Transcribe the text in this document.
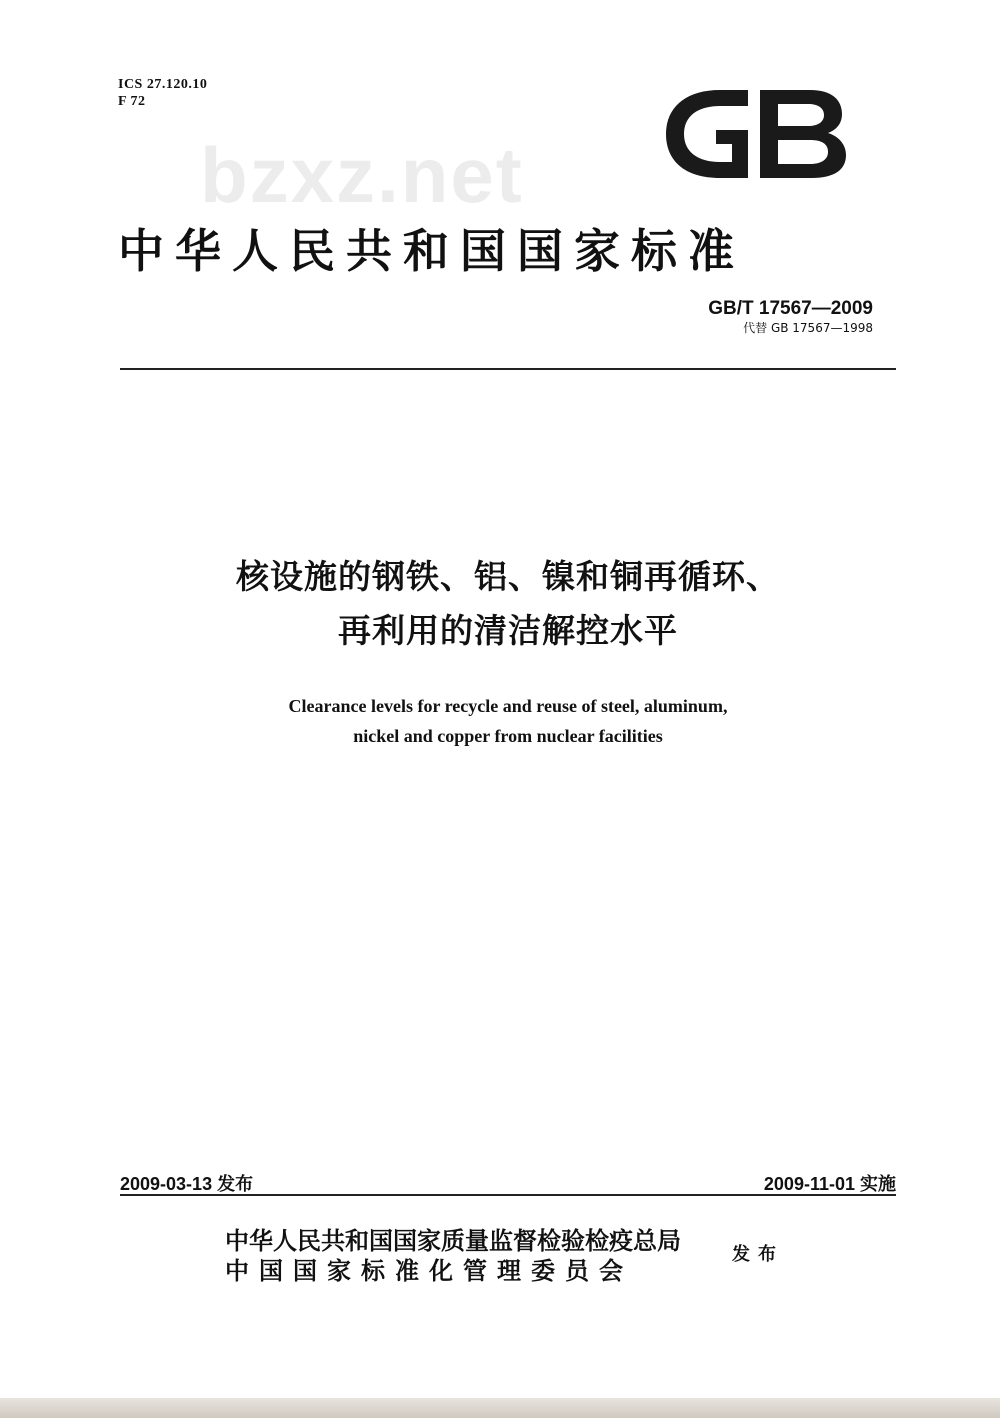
ICS 27.120.10
F 72
bzxz.net	GB
中华人民共和国国家标准
GB/T 17567—2009
代替 GB 17567—1998
核设施的钢铁、铝、镍和铜再循环、
再利用的清洁解控水平
Clearance levels for recycle and reuse of steel, aluminum,
nickel and copper from nuclear facilities
2009-03-13 发布	2009-11-01 实施
中华人民共和国国家质量监督检验检疫总局
中国国家标准化管理委员会
发布
